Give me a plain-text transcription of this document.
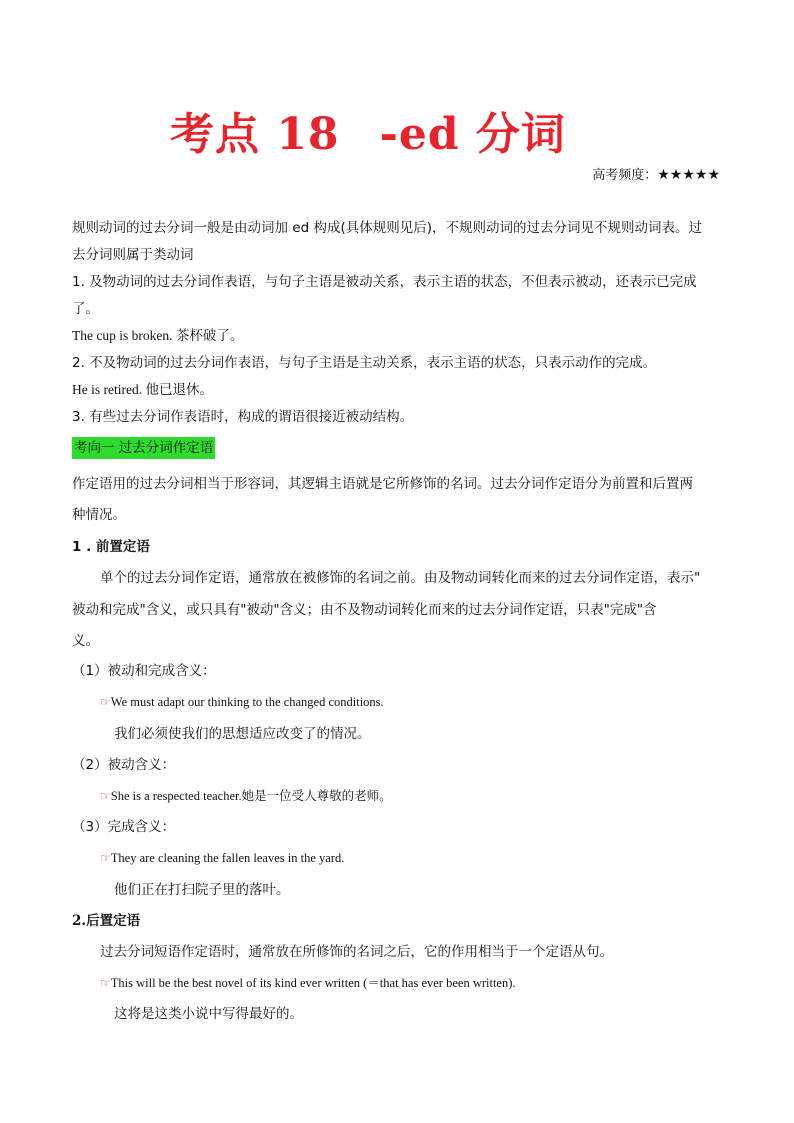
考点 18 -ed 分词
高考频度：★★★★★
规则动词的过去分词一般是由动词加 ed 构成(具体规则见后)，不规则动词的过去分词见不规则动词表。过
去分词则属于类动词
1. 及物动词的过去分词作表语，与句子主语是被动关系，表示主语的状态，不但表示被动，还表示已完成
了。
The cup is broken. 茶杯破了。
2. 不及物动词的过去分词作表语，与句子主语是主动关系，表示主语的状态，只表示动作的完成。
He is retired. 他已退休。
3. 有些过去分词作表语时，构成的谓语很接近被动结构。
考向一 过去分词作定语
作定语用的过去分词相当于形容词，其逻辑主语就是它所修饰的名词。过去分词作定语分为前置和后置两
种情况。
1 . 前置定语
单个的过去分词作定语，通常放在被修饰的名词之前。由及物动词转化而来的过去分词作定语，表示"
被动和完成"含义，或只具有"被动"含义；由不及物动词转化而来的过去分词作定语，只表"完成"含
义。
（1）被动和完成含义：
☞We must adapt our thinking to the changed conditions.
我们必须使我们的思想适应改变了的情况。
（2）被动含义：
☞She is a respected teacher.她是一位受人尊敬的老师。
（3）完成含义：
☞They are cleaning the fallen leaves in the yard.
他们正在打扫院子里的落叶。
2.后置定语
过去分词短语作定语时，通常放在所修饰的名词之后，它的作用相当于一个定语从句。
☞This will be the best novel of its kind ever written (＝that has ever been written).
这将是这类小说中写得最好的。
